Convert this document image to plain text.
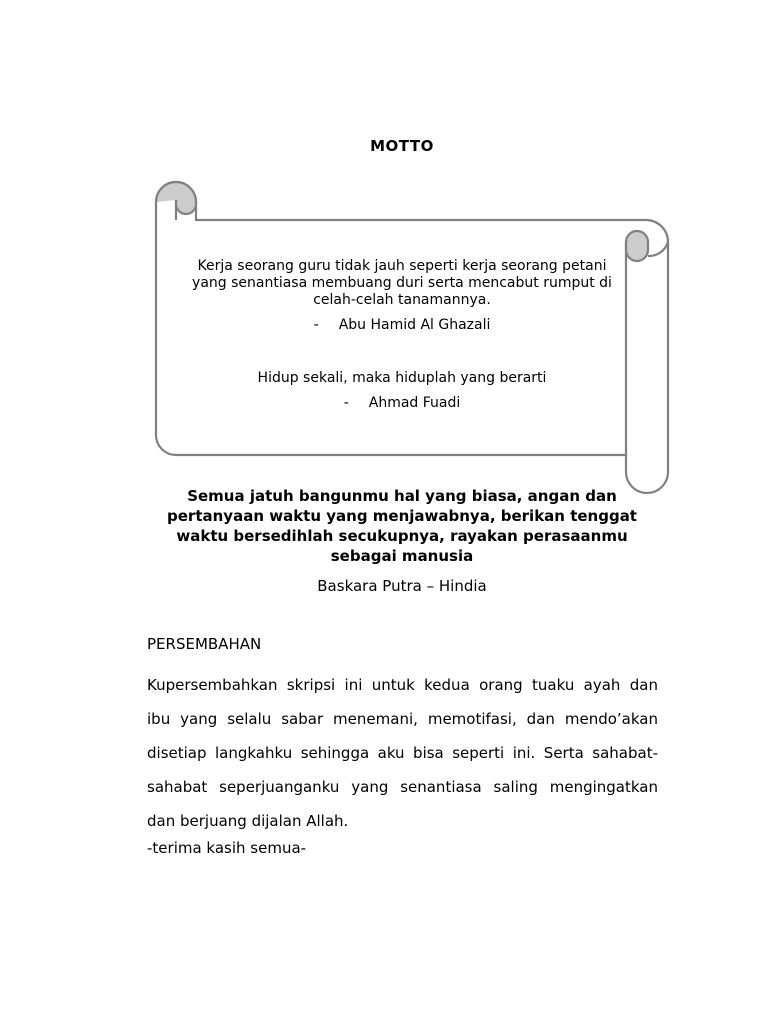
MOTTO

Kerja seorang guru tidak jauh seperti kerja seorang petani yang senantiasa membuang duri serta mencabut rumput di celah-celah tanamannya.

- Abu Hamid Al Ghazali

Hidup sekali, maka hiduplah yang berarti

- Ahmad Fuadi

Semua jatuh bangunmu hal yang biasa, angan dan pertanyaan waktu yang menjawabnya, berikan tenggat waktu bersedihlah secukupnya, rayakan perasaanmu sebagai manusia
Baskara Putra – Hindia
PERSEMBAHAN
Kupersembahkan skripsi ini untuk kedua orang tuaku ayah dan
ibu yang selalu sabar menemani, memotifasi, dan mendo’akan
disetiap langkahku sehingga aku bisa seperti ini. Serta sahabat-
sahabat seperjuanganku yang senantiasa saling mengingatkan
dan berjuang dijalan Allah.
-terima kasih semua-
